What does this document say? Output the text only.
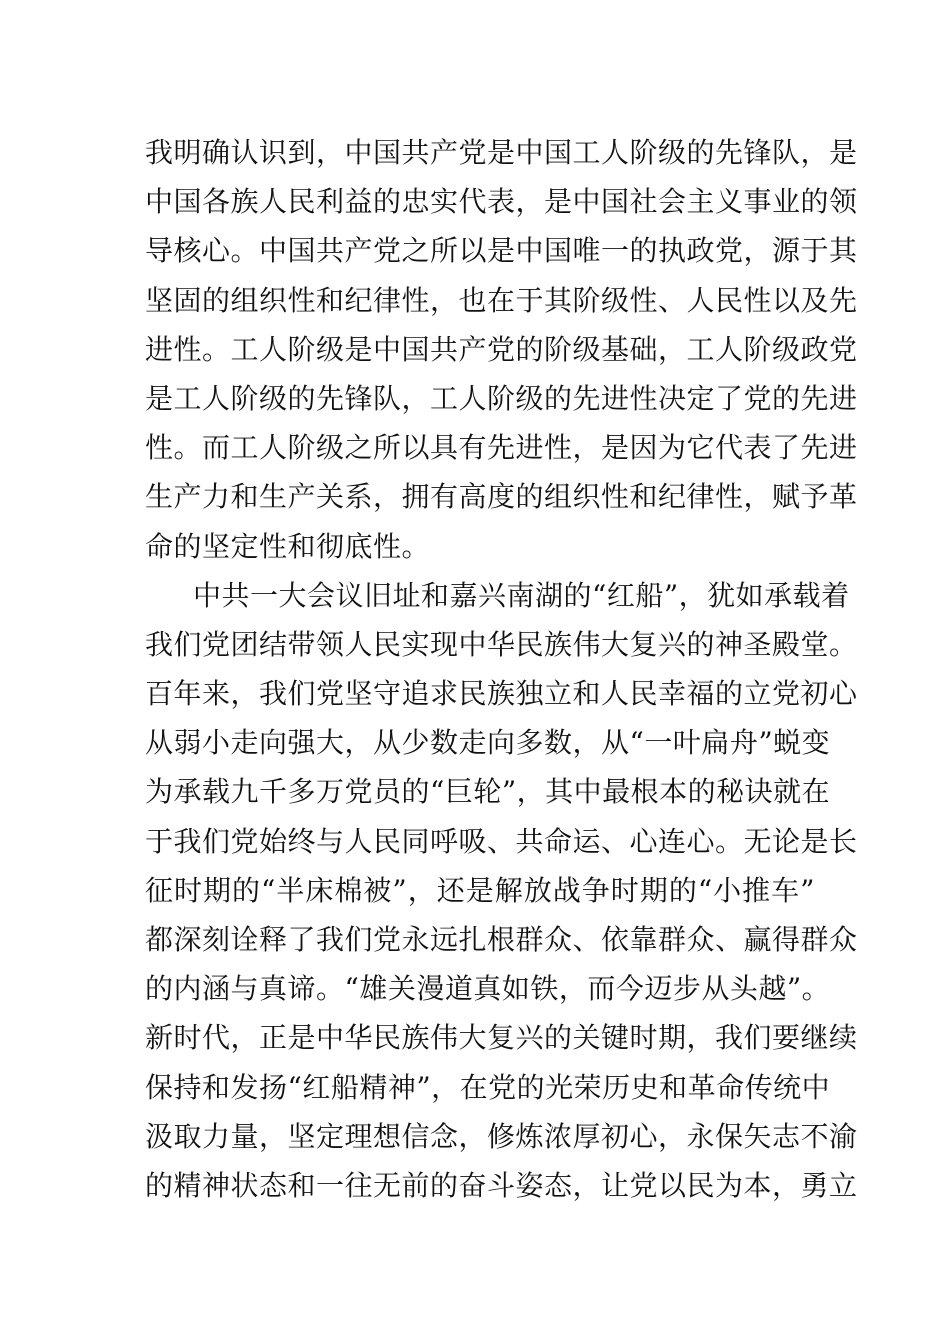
我明确认识到，中国共产党是中国工人阶级的先锋队，是
中国各族人民利益的忠实代表，是中国社会主义事业的领
导核心。中国共产党之所以是中国唯一的执政党，源于其
坚固的组织性和纪律性，也在于其阶级性、人民性以及先
进性。工人阶级是中国共产党的阶级基础，工人阶级政党
是工人阶级的先锋队，工人阶级的先进性决定了党的先进
性。而工人阶级之所以具有先进性，是因为它代表了先进
生产力和生产关系，拥有高度的组织性和纪律性，赋予革
命的坚定性和彻底性。
中共一大会议旧址和嘉兴南湖的“红船”，犹如承载着
我们党团结带领人民实现中华民族伟大复兴的神圣殿堂。
百年来，我们党坚守追求民族独立和人民幸福的立党初心
从弱小走向强大，从少数走向多数，从“一叶扁舟”蜕变
为承载九千多万党员的“巨轮”，其中最根本的秘诀就在
于我们党始终与人民同呼吸、共命运、心连心。无论是长
征时期的“半床棉被”，还是解放战争时期的“小推车”
都深刻诠释了我们党永远扎根群众、依靠群众、赢得群众
的内涵与真谛。“雄关漫道真如铁，而今迈步从头越”。
新时代，正是中华民族伟大复兴的关键时期，我们要继续
保持和发扬“红船精神”，在党的光荣历史和革命传统中
汲取力量，坚定理想信念，修炼浓厚初心，永保矢志不渝
的精神状态和一往无前的奋斗姿态，让党以民为本，勇立
